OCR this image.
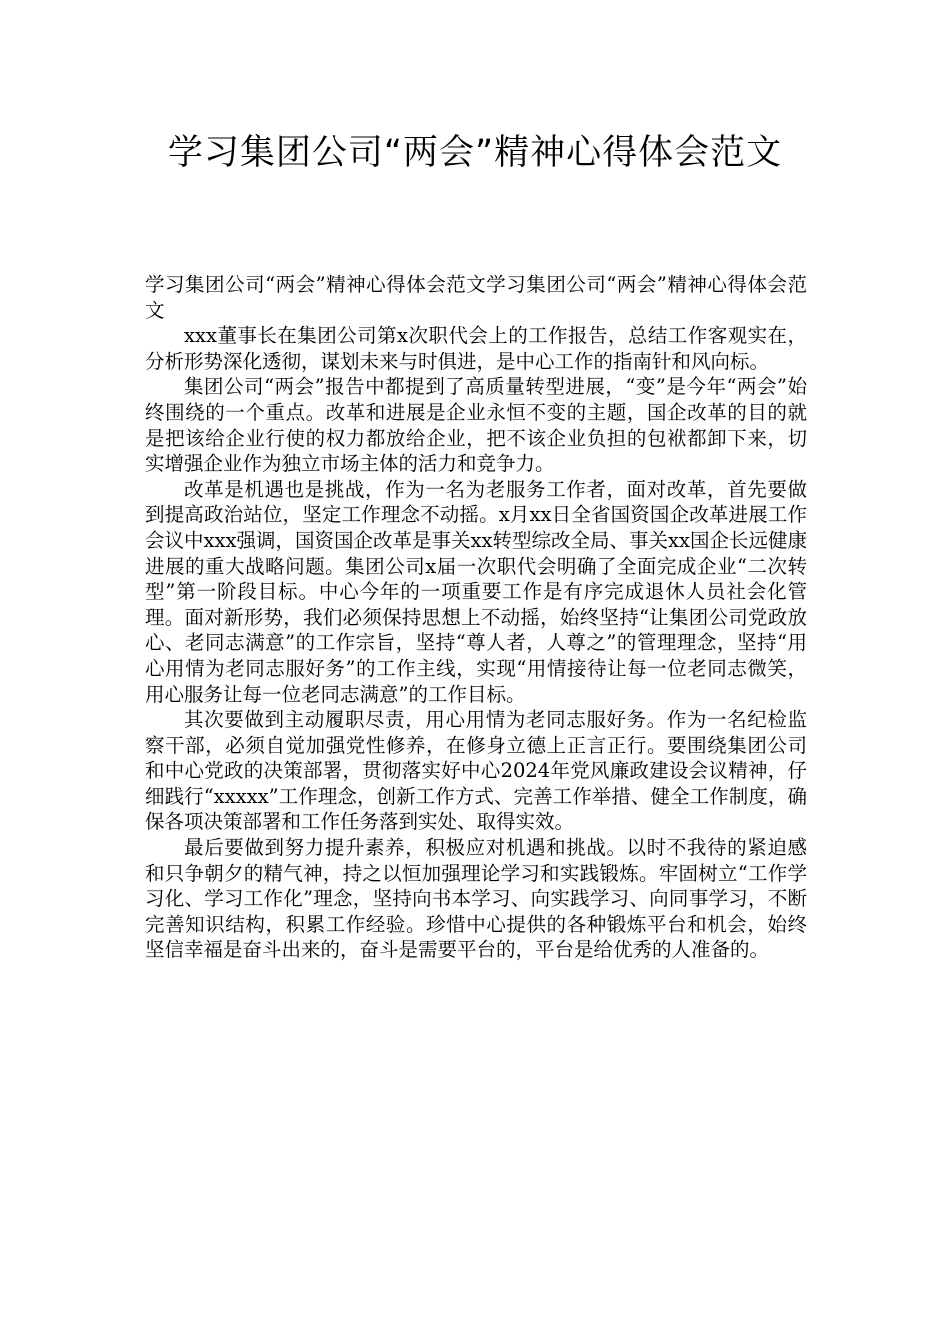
学习集团公司“两会”精神心得体会范文

学习集团公司“两会”精神心得体会范文学习集团公司“两会”精神心得体会范文

xxx董事长在集团公司第x次职代会上的工作报告，总结工作客观实在，分析形势深化透彻，谋划未来与时俱进，是中心工作的指南针和风向标。

集团公司“两会”报告中都提到了高质量转型进展，“变”是今年“两会”始终围绕的一个重点。改革和进展是企业永恒不变的主题，国企改革的目的就是把该给企业行使的权力都放给企业，把不该企业负担的包袱都卸下来，切实增强企业作为独立市场主体的活力和竞争力。

改革是机遇也是挑战，作为一名为老服务工作者，面对改革，首先要做到提高政治站位，坚定工作理念不动摇。x月xx日全省国资国企改革进展工作会议中xxx强调，国资国企改革是事关xx转型综改全局、事关xx国企长远健康进展的重大战略问题。集团公司x届一次职代会明确了全面完成企业“二次转型”第一阶段目标。中心今年的一项重要工作是有序完成退休人员社会化管理。面对新形势，我们必须保持思想上不动摇，始终坚持“让集团公司党政放心、老同志满意”的工作宗旨，坚持“尊人者，人尊之”的管理理念，坚持“用心用情为老同志服好务”的工作主线，实现“用情接待让每一位老同志微笑，用心服务让每一位老同志满意”的工作目标。

其次要做到主动履职尽责，用心用情为老同志服好务。作为一名纪检监察干部，必须自觉加强党性修养，在修身立德上正言正行。要围绕集团公司和中心党政的决策部署，贯彻落实好中心2024年党风廉政建设会议精神，仔细践行“xxxxx”工作理念，创新工作方式、完善工作举措、健全工作制度，确保各项决策部署和工作任务落到实处、取得实效。

最后要做到努力提升素养，积极应对机遇和挑战。以时不我待的紧迫感和只争朝夕的精气神，持之以恒加强理论学习和实践锻炼。牢固树立“工作学习化、学习工作化”理念，坚持向书本学习、向实践学习、向同事学习，不断完善知识结构，积累工作经验。珍惜中心提供的各种锻炼平台和机会，始终坚信幸福是奋斗出来的，奋斗是需要平台的，平台是给优秀的人准备的。
